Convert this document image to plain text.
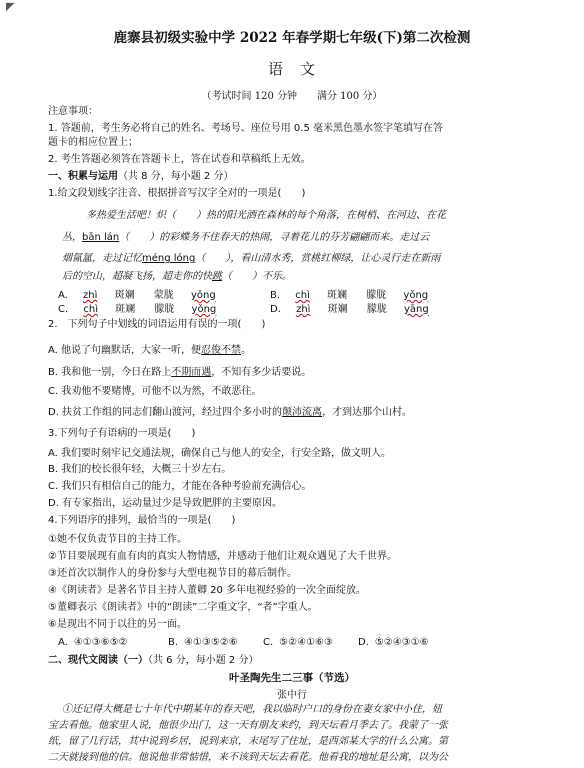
◤
鹿寨县初级实验中学 2022 年春学期七年级(下)第二次检测
语　文
（考试时间 120 分钟　　满分 100 分）
注意事项：
1. 答题前，考生务必将自己的姓名、考场号、座位号用 0.5 毫米黑色墨水签字笔填写在答
题卡的相应位置上；
2. 考生答题必须答在答题卡上，答在试卷和草稿纸上无效。
一、积累与运用（共 8 分，每小题 2 分）
1.给文段划线字注音、根据拼音写汉字全对的一项是(　　)
多热爱生活吧！炽（　　）热的阳光洒在森林的每个角落，在树梢、在河边、在花
丛，bān lán（　　）的彩蝶务不住春天的热闹，寻着花儿的芬芳翩翩而来。走过云
烟氤氲，走过记忆méng lóng（　　），看山清水秀，赏桃红柳绿，让心灵行走在新雨
后的空山，超凝飞扬，超走你的快跳（　　）不乐。
A. zhì 斑斓 蒙胧 yǒng	B. chì 斑斓 朦胧 yǒng
C. chì 斑斓 朦胧 yǒng	D. zhì 斑斓 朦胧 yāng
2.　下列句子中划线的词语运用有误的一项(　　)
A. 他说了句幽默话，大家一听，便忍俊不禁。
B. 我和他一别，今日在路上不期而遇，不知有多少话要说。
C. 我劝他不要赌博，可他不以为然，不敢恶往。
D. 扶贫工作组的同志们翻山渡河，经过四个多小时的颠沛流离，才到达那个山村。
3.下列句子有语病的一项是(　　)
A. 我们要时刻牢记交通法规，确保自己与他人的安全，行安全路，做文明人。
B. 我们的校长很年轻，大概三十岁左右。
C. 我们只有相信自己的能力，才能在各种考验前充满信心。
D. 有专家指出，运动量过少是导致肥胖的主要原因。
4.下列语序的排列，最恰当的一项是(　　)
①她不仅负责节目的主持工作。
②节目要展现有血有肉的真实人物情感，并感动于他们让观众遇见了大千世界。
③还首次以制作人的身份参与大型电视节目的幕后制作。
④《朗读者》是著名节目主持人董卿 20 多年电视经验的一次全面绽放。
⑤董卿表示《朗读者》中的“朗读”二字重文字，“者”字重人。
⑥是现出不同于以往的另一面。
A. ④①③⑥⑤②	B. ④①③⑤②⑥	C. ⑤②④①⑥③	D. ⑤②④③①⑥
二、现代文阅读（一）（共 6 分，每小题 2 分）
叶圣陶先生二三事（节选）
张中行
①还记得大概是七十年代中期某年的春天吧，我以临时户口的身份在妻女家中小住，妞
宝去看他。他家里人说，他很少出门，这一天有朋友来约，到天坛看月季去了。我蒙了一张
纸，留了几行话，其中说到乡居，说到来京，末尾写了住址，是西郊某大学的什么公寓。第
二天就接到他的信。他说他非常惦惜，来不该到天坛去看花。他看我的地址是公寓，以为公
